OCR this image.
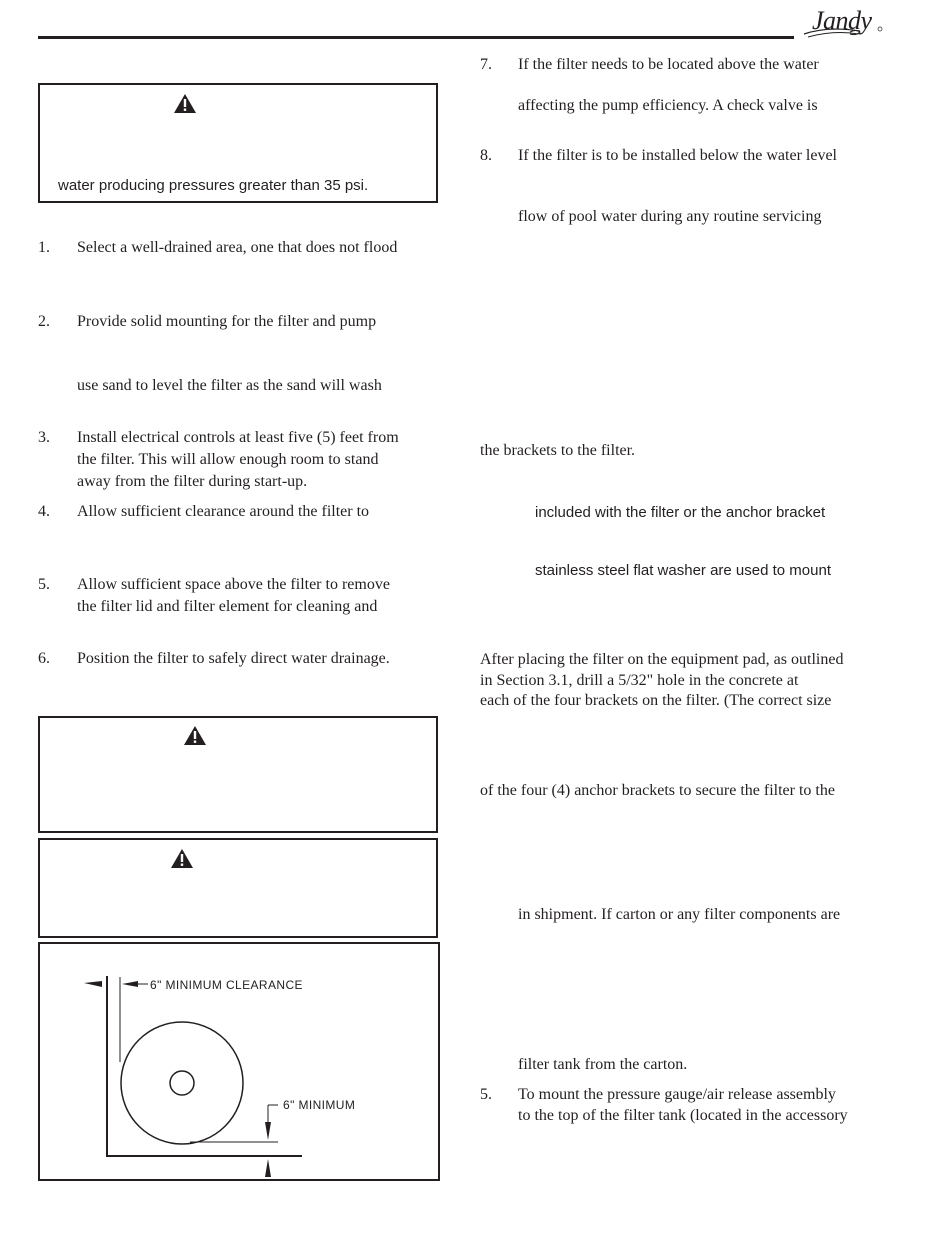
Jandy
water producing pressures greater than 35 psi.
1. Select a well-drained area, one that does not flood
2. Provide solid mounting for the filter and pump
use sand to level the filter as the sand will wash
3. Install electrical controls at least five (5) feet from
the filter. This will allow enough room to stand
away from the filter during start-up.
4. Allow sufficient clearance around the filter to
5. Allow sufficient space above the filter to remove
the filter lid and filter element for cleaning and
6. Position the filter to safely direct water drainage.
6" MINIMUM CLEARANCE
6" MINIMUM
7. If the filter needs to be located above the water
affecting the pump efficiency. A check valve is
8. If the filter is to be installed below the water level
flow of pool water during any routine servicing
the brackets to the filter.
included with the filter or the anchor bracket
stainless steel flat washer are used to mount
After placing the filter on the equipment pad, as outlined
in Section 3.1, drill a 5/32" hole in the concrete at
each of the four brackets on the filter. (The correct size
of the four (4) anchor brackets to secure the filter to the
in shipment. If carton or any filter components are
filter tank from the carton.
5. To mount the pressure gauge/air release assembly
to the top of the filter tank (located in the accessory
